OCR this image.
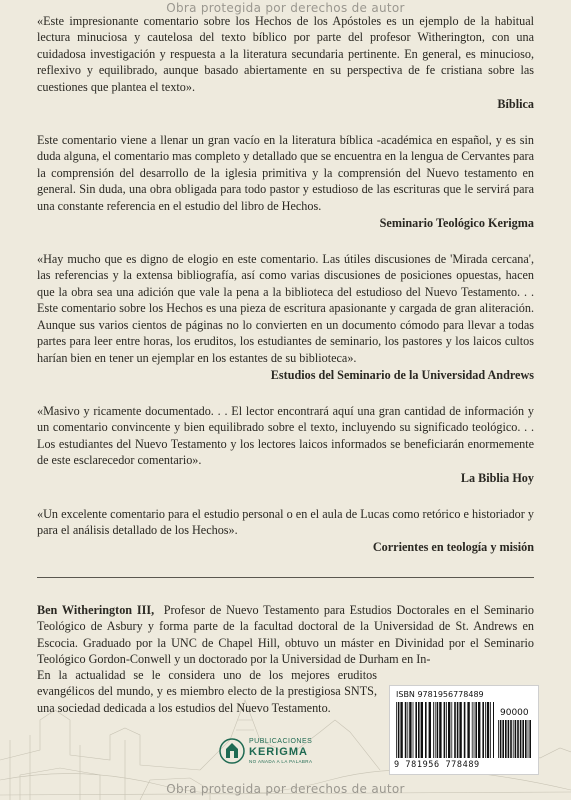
Obra protegida por derechos de autor

«Este impresionante comentario sobre los Hechos de los Apóstoles es un ejemplo de la habitual lectura minuciosa y cautelosa del texto bíblico por parte del profesor Witherington, con una cuidadosa investigación y respuesta a la literatura secundaria pertinente. En general, es minucioso, reflexivo y equilibrado, aunque basado abiertamente en su perspectiva de fe cristiana sobre las cuestiones que plantea el texto».

Bíblica

Este comentario viene a llenar un gran vacío en la literatura bíblica -académica en español, y es sin duda alguna, el comentario mas completo y detallado que se encuentra en la lengua de Cervantes para la comprensión del desarrollo de la iglesia primitiva y la comprensión del Nuevo testamento en general. Sin duda, una obra obligada para todo pastor y estudioso de las escrituras que le servirá para una constante referencia en el estudio del libro de Hechos.

Seminario Teológico Kerigma

«Hay mucho que es digno de elogio en este comentario. Las útiles discusiones de 'Mirada cercana', las referencias y la extensa bibliografía, así como varias discusiones de posiciones opuestas, hacen que la obra sea una adición que vale la pena a la biblioteca del estudioso del Nuevo Testamento. . . Este comentario sobre los Hechos es una pieza de escritura apasionante y cargada de gran aliteración. Aunque sus varios cientos de páginas no lo convierten en un documento cómodo para llevar a todas partes para leer entre horas, los eruditos, los estudiantes de seminario, los pastores y los laicos cultos harían bien en tener un ejemplar en los estantes de su biblioteca».

Estudios del Seminario de la Universidad Andrews

«Masivo y ricamente documentado. . . El lector encontrará aquí una gran cantidad de información y un comentario convincente y bien equilibrado sobre el texto, incluyendo su significado teológico. . . Los estudiantes del Nuevo Testamento y los lectores laicos informados se beneficiarán enormemente de este esclarecedor comentario».

La Biblia Hoy

«Un excelente comentario para el estudio personal o en el aula de Lucas como retórico e historiador y para el análisis detallado de los Hechos».

Corrientes en teología y misión

Ben Witherington III, Profesor de Nuevo Testamento para Estudios Doctorales en el Seminario Teológico de Asbury y forma parte de la facultad doctoral de la Universidad de St. Andrews en Escocia. Graduado por la UNC de Chapel Hill, obtuvo un máster en Divinidad por el Seminario Teológico Gordon-Conwell y un doctorado por la Universidad de Durham en In-

En la actualidad se le considera uno de los mejores eruditos evangélicos del mundo, y es miembro electo de la prestigiosa SNTS, una sociedad dedicada a los estudios del Nuevo Testamento.

ISBN 9781956778489
90000
9 781956 778489
PUBLICACIONES
KERIGMA
NO ANADA A LA PALABRA
Obra protegida por derechos de autor
